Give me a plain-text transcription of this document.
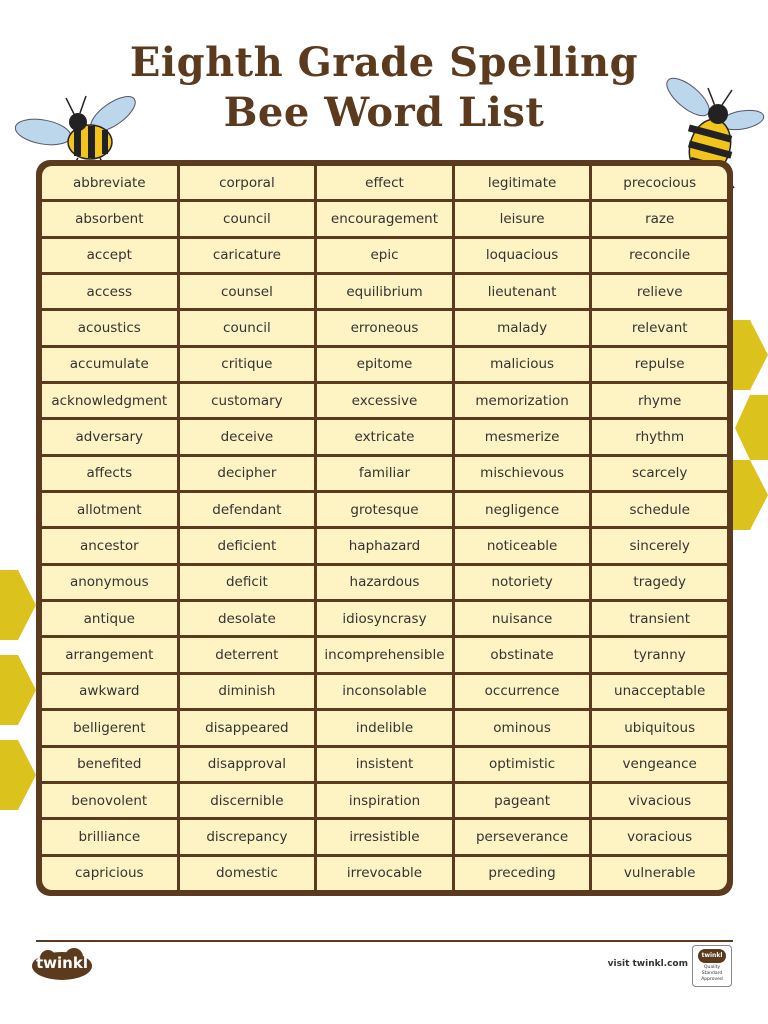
Eighth Grade Spelling
Bee Word List
abbreviate	corporal	effect	legitimate	precocious
absorbent	council	encouragement	leisure	raze
accept	caricature	epic	loquacious	reconcile
access	counsel	equilibrium	lieutenant	relieve
acoustics	council	erroneous	malady	relevant
accumulate	critique	epitome	malicious	repulse
acknowledgment	customary	excessive	memorization	rhyme
adversary	deceive	extricate	mesmerize	rhythm
affects	decipher	familiar	mischievous	scarcely
allotment	defendant	grotesque	negligence	schedule
ancestor	deficient	haphazard	noticeable	sincerely
anonymous	deficit	hazardous	notoriety	tragedy
antique	desolate	idiosyncrasy	nuisance	transient
arrangement	deterrent	incomprehensible	obstinate	tyranny
awkward	diminish	inconsolable	occurrence	unacceptable
belligerent	disappeared	indelible	ominous	ubiquitous
benefited	disapproval	insistent	optimistic	vengeance
benovolent	discernible	inspiration	pageant	vivacious
brilliance	discrepancy	irresistible	perseverance	voracious
capricious	domestic	irrevocable	preceding	vulnerable
twinkl	visit twinkl.com
twinkl
Quality Standard Approved
